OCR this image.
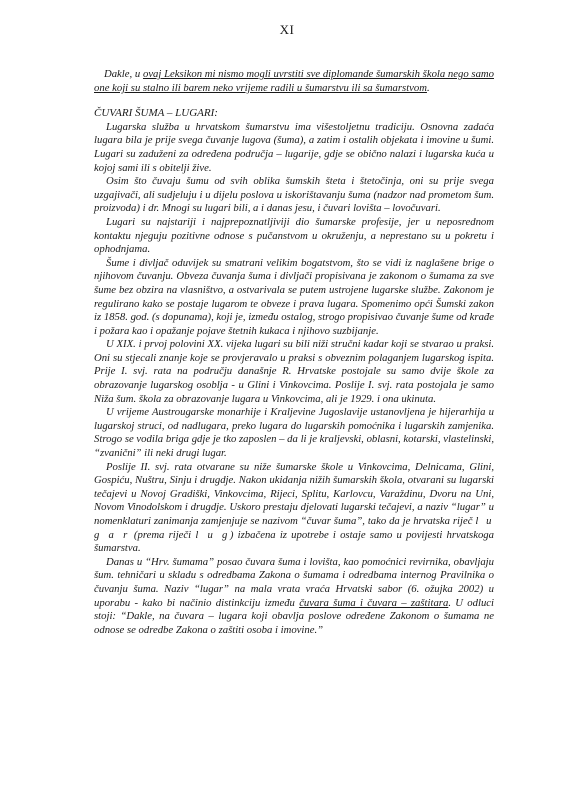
XI

Dakle, u ovaj Leksikon mi nismo mogli uvrstiti sve diplomande šumarskih škola nego samo one koji su stalno ili barem neko vrijeme radili u šumarstvu ili sa šumarstvom.

ČUVARI ŠUMA – LUGARI:

Lugarska služba u hrvatskom šumarstvu ima višestoljetnu tradiciju. Osnovna zadaća lugara bila je prije svega čuvanje lugova (šuma), a zatim i ostalih objekata i imovine u šumi. Lugari su zaduženi za određena područja – lugarije, gdje se obično nalazi i lugarska kuća u kojoj sami ili s obitelji žive.

Osim što čuvaju šumu od svih oblika šumskih šteta i štetočinja, oni su prije svega uzgajivači, ali sudjeluju i u dijelu poslova u iskorištavanju šuma (nadzor nad prometom šum. proizvoda) i dr. Mnogi su lugari bili, a i danas jesu, i čuvari lovišta – lovočuvari.

Lugari su najstariji i najprepoznatljiviji dio šumarske profesije, jer u neposrednom kontaktu njeguju pozitivne odnose s pučanstvom u okruženju, a neprestano su u pokretu i ophodnjama.

Šume i divljač oduvijek su smatrani velikim bogatstvom, što se vidi iz naglašene brige o njihovom čuvanju. Obveza čuvanja šuma i divljači propisivana je zakonom o šumama za sve šume bez obzira na vlasništvo, a ostvarivala se putem ustrojene lugarske službe. Zakonom je regulirano kako se postaje lugarom te obveze i prava lugara. Spomenimo opći Šumski zakon iz 1858. god. (s dopunama), koji je, između ostalog, strogo propisivao čuvanje šume od krađe i požara kao i opažanje pojave štetnih kukaca i njihovo suzbijanje.

U XIX. i prvoj polovini XX. vijeka lugari su bili niži stručni kadar koji se stvarao u praksi. Oni su stjecali znanje koje se provjeravalo u praksi s obveznim polaganjem lugarskog ispita. Prije I. svj. rata na području današnje R. Hrvatske postojale su samo dvije škole za obrazovanje lugarskog osoblja - u Glini i Vinkovcima. Poslije I. svj. rata postojala je samo Niža šum. škola za obrazovanje lugara u Vinkovcima, ali je 1929. i ona ukinuta.

U vrijeme Austrougarske monarhije i Kraljevine Jugoslavije ustanovljena je hijerarhija u lugarskoj struci, od nadlugara, preko lugara do lugarskih pomoćnika i lugarskih zamjenika. Strogo se vodila briga gdje je tko zaposlen – da li je kraljevski, oblasni, kotarski, vlastelinski, “zvanični” ili neki drugi lugar.

Poslije II. svj. rata otvarane su niže šumarske škole u Vinkovcima, Delnicama, Glini, Gospiću, Nuštru, Sinju i drugdje. Nakon ukidanja nižih šumarskih škola, otvarani su lugarski tečajevi u Novoj Gradiški, Vinkovcima, Rijeci, Splitu, Karlovcu, Varaždinu, Dvoru na Uni, Novom Vinodolskom i drugdje. Uskoro prestaju djelovati lugarski tečajevi, a naziv “lugar” u nomenklaturi zanimanja zamjenjuje se nazivom “čuvar šuma”, tako da je hrvatska riječ l u g a r (prema riječi l u g) izbačena iz upotrebe i ostaje samo u povijesti hrvatskoga šumarstva.

Danas u “Hrv. šumama” posao čuvara šuma i lovišta, kao pomoćnici revirnika, obavljaju šum. tehničari u skladu s odredbama Zakona o šumama i odredbama internog Pravilnika o čuvanju šuma. Naziv “lugar” na mala vrata vraća Hrvatski sabor (6. ožujka 2002) u uporabu - kako bi načinio distinkciju između čuvara šuma i čuvara – zaštitara. U odluci stoji: “Dakle, na čuvara – lugara koji obavlja poslove određene Zakonom o šumama ne odnose se odredbe Zakona o zaštiti osoba i imovine.”
